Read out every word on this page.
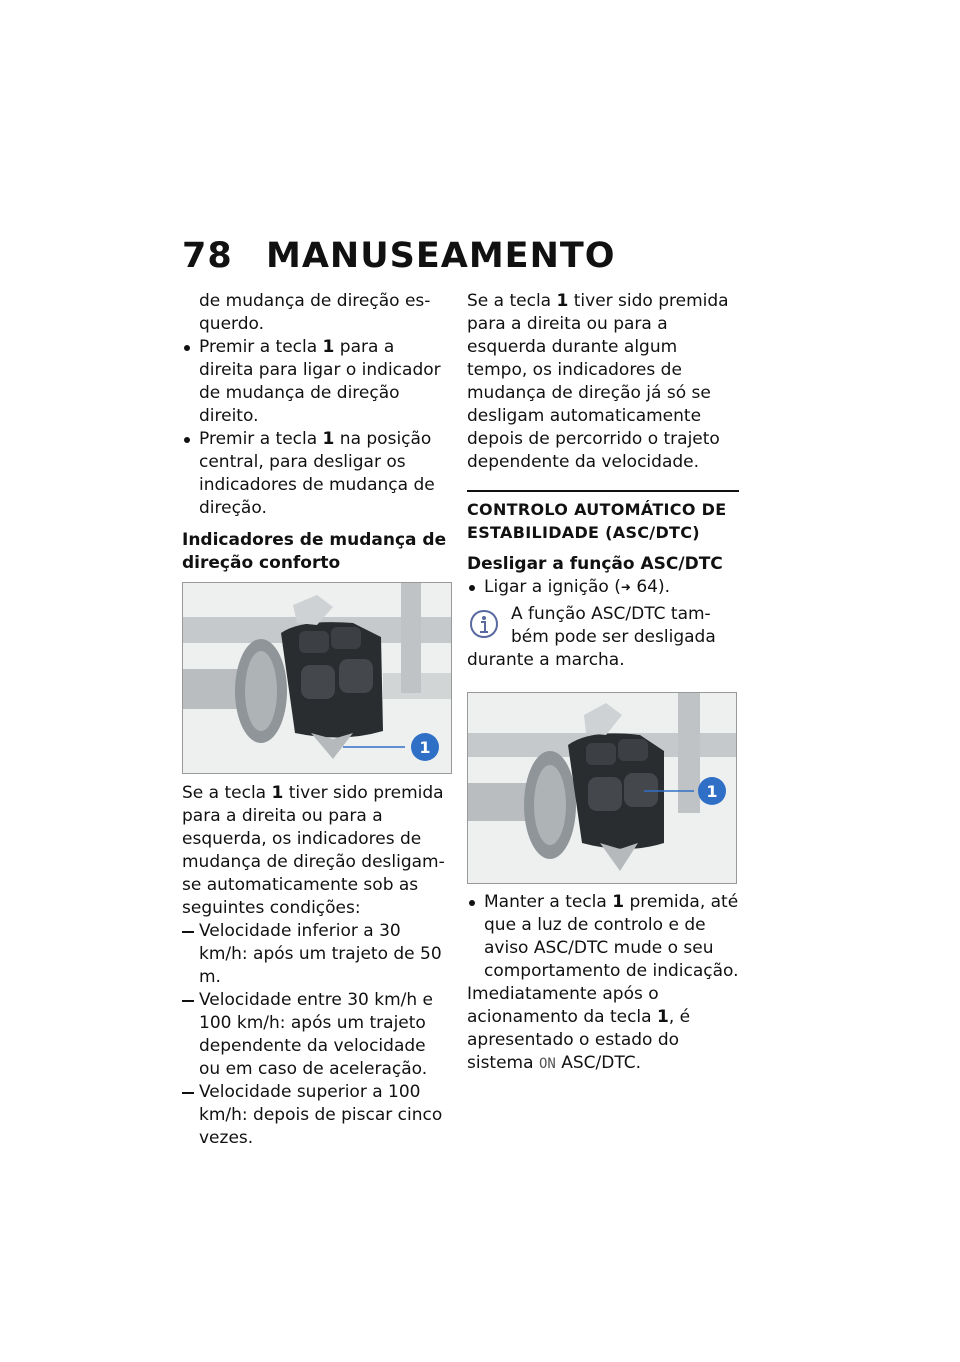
78 MANUSEAMENTO

de mudança de direção es-

querdo.

Premir a tecla 1 para a direita para ligar o indicador de mudança de direção direito.

Premir a tecla 1 na posição central, para desligar os indicadores de mudança de direção.

Indicadores de mudança de direção conforto

1

Se a tecla 1 tiver sido premida para a direita ou para a esquerda, os indicadores de mudança de direção desligam-se automaticamente sob as seguintes condições:

Velocidade inferior a 30 km/h: após um trajeto de 50 m.

Velocidade entre 30 km/h e 100 km/h: após um trajeto dependente da velocidade ou em caso de aceleração.

Velocidade superior a 100 km/h: depois de piscar cinco vezes.

Se a tecla 1 tiver sido premida para a direita ou para a esquerda durante algum tempo, os indicadores de mudança de direção já só se desligam automaticamente depois de percorrido o trajeto dependente da velocidade.

CONTROLO AUTOMÁTICO DE ESTABILIDADE (ASC/DTC)

Desligar a função ASC/DTC

Ligar a ignição (➜ 64).

A função ASC/DTC tam-

bém pode ser desligada

durante a marcha.

1

Manter a tecla 1 premida, até que a luz de controlo e de aviso ASC/DTC mude o seu comportamento de indicação.

Imediatamente após o acionamento da tecla 1, é apresentado o estado do sistema ON ASC/DTC.
